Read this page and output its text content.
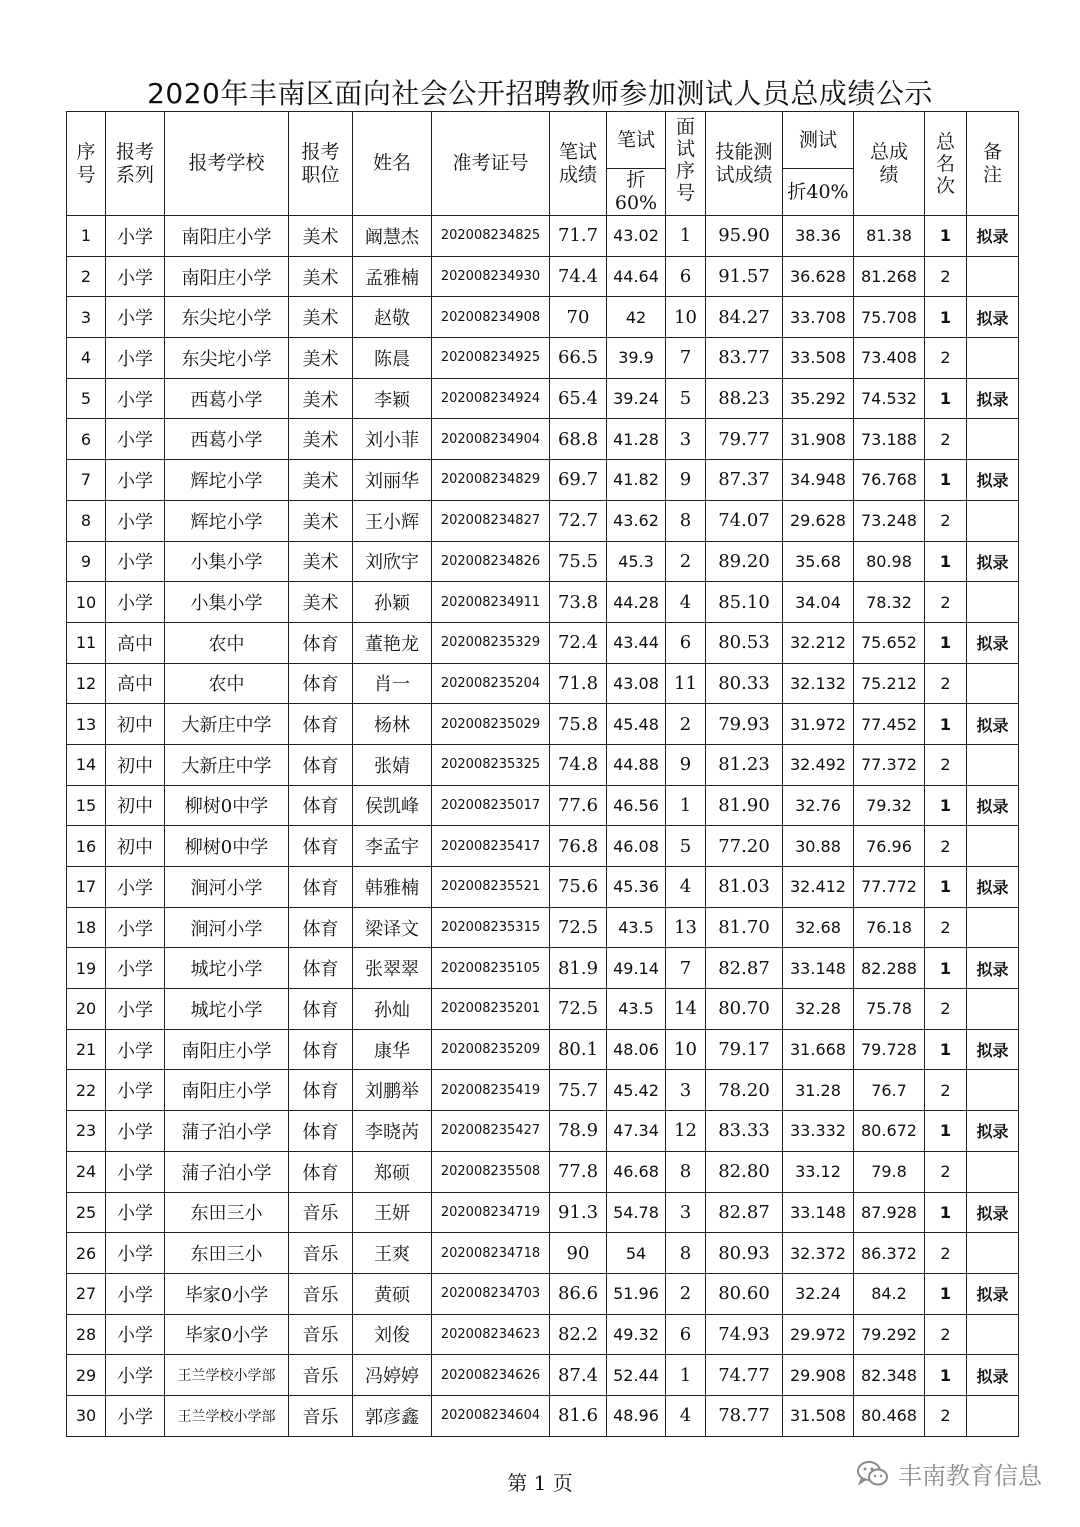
2020年丰南区面向社会公开招聘教师参加测试人员总成绩公示
序号	报考系列	报考学校	报考职位	姓名	准考证号	笔试成绩	笔试	面试序号	技能测试成绩	测试	总成绩	总名次	备注
							折60%			折40%			
1	小学	南阳庄小学	美术	阚慧杰	202008234825	71.7	43.02	1	95.90	38.36	81.38	1	拟录
2	小学	南阳庄小学	美术	孟雅楠	202008234930	74.4	44.64	6	91.57	36.628	81.268	2	
3	小学	东尖坨小学	美术	赵敬	202008234908	70	42	10	84.27	33.708	75.708	1	拟录
4	小学	东尖坨小学	美术	陈晨	202008234925	66.5	39.9	7	83.77	33.508	73.408	2	
5	小学	西葛小学	美术	李颖	202008234924	65.4	39.24	5	88.23	35.292	74.532	1	拟录
6	小学	西葛小学	美术	刘小菲	202008234904	68.8	41.28	3	79.77	31.908	73.188	2	
7	小学	辉坨小学	美术	刘丽华	202008234829	69.7	41.82	9	87.37	34.948	76.768	1	拟录
8	小学	辉坨小学	美术	王小辉	202008234827	72.7	43.62	8	74.07	29.628	73.248	2	
9	小学	小集小学	美术	刘欣宇	202008234826	75.5	45.3	2	89.20	35.68	80.98	1	拟录
10	小学	小集小学	美术	孙颖	202008234911	73.8	44.28	4	85.10	34.04	78.32	2	
11	高中	农中	体育	董艳龙	202008235329	72.4	43.44	6	80.53	32.212	75.652	1	拟录
12	高中	农中	体育	肖一	202008235204	71.8	43.08	11	80.33	32.132	75.212	2	
13	初中	大新庄中学	体育	杨林	202008235029	75.8	45.48	2	79.93	31.972	77.452	1	拟录
14	初中	大新庄中学	体育	张婧	202008235325	74.8	44.88	9	81.23	32.492	77.372	2	
15	初中	柳树0中学	体育	侯凯峰	202008235017	77.6	46.56	1	81.90	32.76	79.32	1	拟录
16	初中	柳树0中学	体育	李孟宇	202008235417	76.8	46.08	5	77.20	30.88	76.96	2	
17	小学	涧河小学	体育	韩雅楠	202008235521	75.6	45.36	4	81.03	32.412	77.772	1	拟录
18	小学	涧河小学	体育	梁译文	202008235315	72.5	43.5	13	81.70	32.68	76.18	2	
19	小学	城坨小学	体育	张翠翠	202008235105	81.9	49.14	7	82.87	33.148	82.288	1	拟录
20	小学	城坨小学	体育	孙灿	202008235201	72.5	43.5	14	80.70	32.28	75.78	2	
21	小学	南阳庄小学	体育	康华	202008235209	80.1	48.06	10	79.17	31.668	79.728	1	拟录
22	小学	南阳庄小学	体育	刘鹏举	202008235419	75.7	45.42	3	78.20	31.28	76.7	2	
23	小学	蒲子泊小学	体育	李晓芮	202008235427	78.9	47.34	12	83.33	33.332	80.672	1	拟录
24	小学	蒲子泊小学	体育	郑硕	202008235508	77.8	46.68	8	82.80	33.12	79.8	2	
25	小学	东田三小	音乐	王妍	202008234719	91.3	54.78	3	82.87	33.148	87.928	1	拟录
26	小学	东田三小	音乐	王爽	202008234718	90	54	8	80.93	32.372	86.372	2	
27	小学	毕家0小学	音乐	黄硕	202008234703	86.6	51.96	2	80.60	32.24	84.2	1	拟录
28	小学	毕家0小学	音乐	刘俊	202008234623	82.2	49.32	6	74.93	29.972	79.292	2	
29	小学	王兰学校小学部	音乐	冯婷婷	202008234626	87.4	52.44	1	74.77	29.908	82.348	1	拟录
30	小学	王兰学校小学部	音乐	郭彦鑫	202008234604	81.6	48.96	4	78.77	31.508	80.468	2	
第 1 页	丰南教育信息
